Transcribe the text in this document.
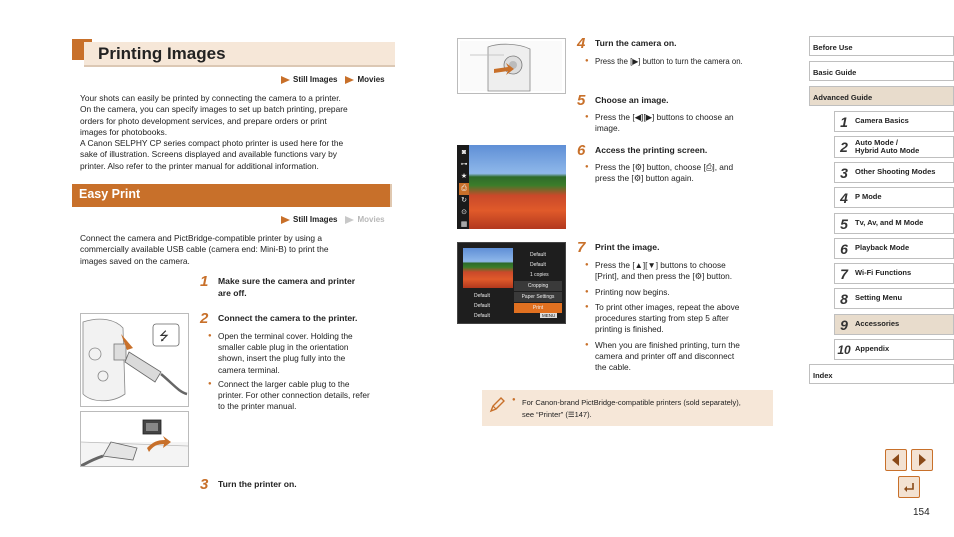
Printing Images
Still Images	Movies
Your shots can easily be printed by connecting the camera to a printer.
On the camera, you can specify images to set up batch printing, prepare
orders for photo development services, and prepare orders or print
images for photobooks.
A Canon SELPHY CP series compact photo printer is used here for the
sake of illustration. Screens displayed and available functions vary by
printer. Also refer to the printer manual for additional information.
Easy Print
Still Images	Movies
Connect the camera and PictBridge-compatible printer by using a
commercially available USB cable (camera end: Mini-B) to print the
images saved on the camera.
1 Make sure the camera and printer
are off.
2 Connect the camera to the printer.
● Open the terminal cover. Holding the
smaller cable plug in the orientation
shown, insert the plug fully into the
camera terminal.
● Connect the larger cable plug to the
printer. For other connection details, refer
to the printer manual.
⭍
3 Turn the printer on.
4 Turn the camera on.
● Press the [▶] button to turn the camera on.
5 Choose an image.
● Press the [◀][▶] buttons to choose an
image.
◙
⊶
★
⎙
↻
⊙
▦
6 Access the printing screen.
● Press the [⚙] button, choose [⎙], and
press the [⚙] button again.
Default
Default
1 copies
Cropping
Paper Settings
Print
Default
Default
Default	MENU
7 Print the image.
● Press the [▲][▼] buttons to choose
[Print], and then press the [⚙] button.
● Printing now begins.
● To print other images, repeat the above
procedures starting from step 5 after
printing is finished.
● When you are finished printing, turn the
camera and printer off and disconnect
the cable.
● For Canon-brand PictBridge-compatible printers (sold separately),
see “Printer” (☰147).
Before Use
Basic Guide
Advanced Guide
1 Camera Basics
2 Auto Mode /
Hybrid Auto Mode
3 Other Shooting Modes
4 P Mode
5 Tv, Av, and M Mode
6 Playback Mode
7 Wi-Fi Functions
8 Setting Menu
9 Accessories
10 Appendix
Index
154
